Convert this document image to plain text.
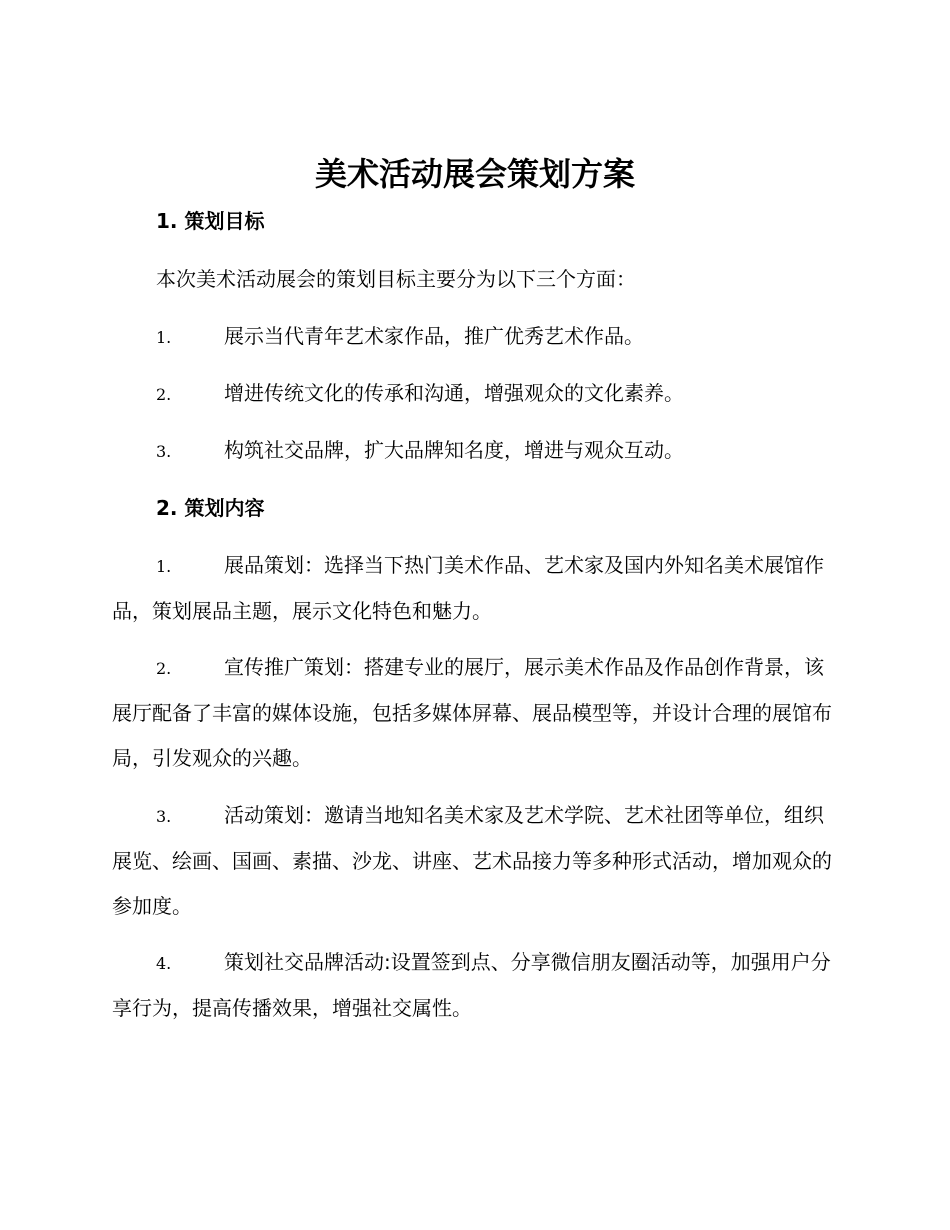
美术活动展会策划方案
1. 策划目标

本次美术活动展会的策划目标主要分为以下三个方面：

1.	展示当代青年艺术家作品，推广优秀艺术作品。

2.	增进传统文化的传承和沟通，增强观众的文化素养。

3.	构筑社交品牌，扩大品牌知名度，增进与观众互动。

2. 策划内容

1.	展品策划：选择当下热门美术作品、艺术家及国内外知名美术展馆作品，策划展品主题，展示文化特色和魅力。

2.	宣传推广策划：搭建专业的展厅，展示美术作品及作品创作背景，该展厅配备了丰富的媒体设施，包括多媒体屏幕、展品模型等，并设计合理的展馆布局，引发观众的兴趣。

3.	活动策划：邀请当地知名美术家及艺术学院、艺术社团等单位，组织展览、绘画、国画、素描、沙龙、讲座、艺术品接力等多种形式活动，增加观众的参加度。

4.	策划社交品牌活动:设置签到点、分享微信朋友圈活动等，加强用户分享行为，提高传播效果，增强社交属性。
